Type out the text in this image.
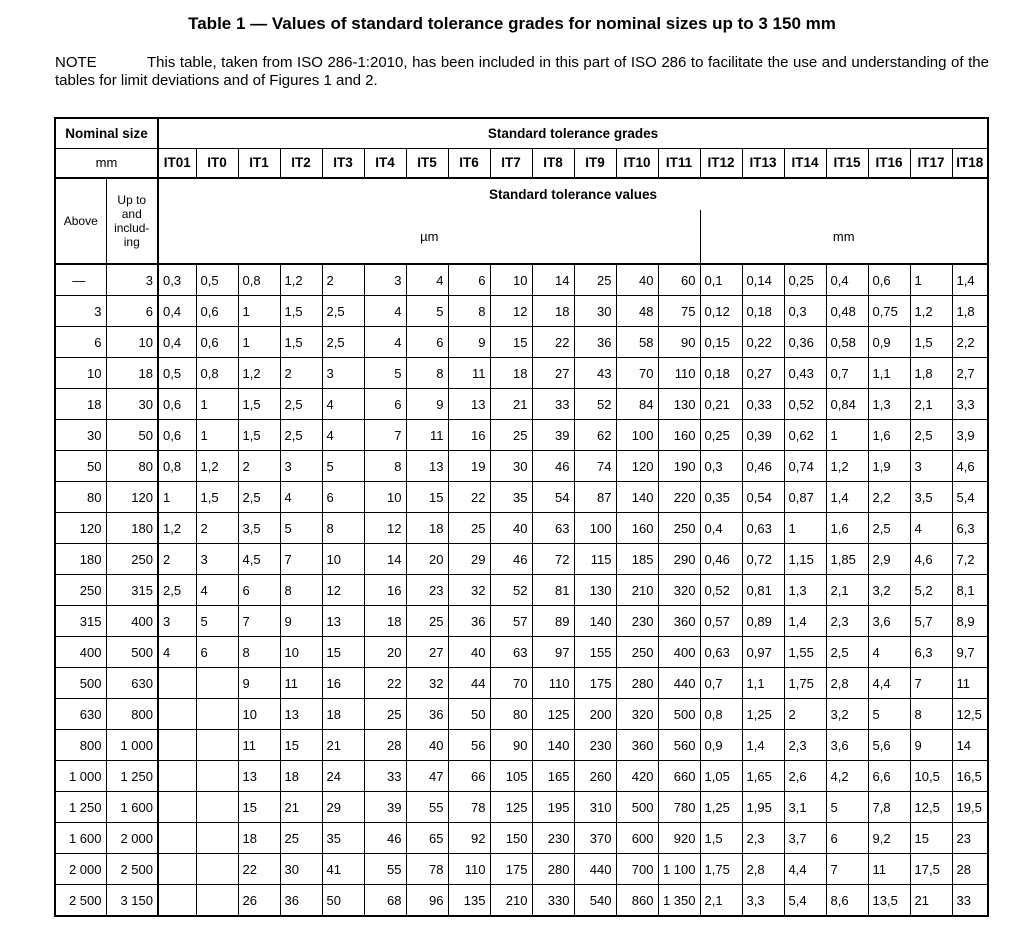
Table 1 — Values of standard tolerance grades for nominal sizes up to 3 150 mm
NOTE	This table, taken from ISO 286-1:2010, has been included in this part of ISO 286 to facilitate the use and understanding of the tables for limit deviations and of Figures 1 and 2.
Nominal size		Standard tolerance grades																			
mm		IT01	IT0	IT1	IT2	IT3	IT4	IT5	IT6	IT7	IT8	IT9	IT10	IT11	IT12	IT13	IT14	IT15	IT16	IT17	IT18
Above	Up to and includ- ing	Standard tolerance values																			
		µm													mm						
—	3	0,3	0,5	0,8	1,2	2	3	4	6	10	14	25	40	60	0,1	0,14	0,25	0,4	0,6	1	1,4
3	6	0,4	0,6	1	1,5	2,5	4	5	8	12	18	30	48	75	0,12	0,18	0,3	0,48	0,75	1,2	1,8
6	10	0,4	0,6	1	1,5	2,5	4	6	9	15	22	36	58	90	0,15	0,22	0,36	0,58	0,9	1,5	2,2
10	18	0,5	0,8	1,2	2	3	5	8	11	18	27	43	70	110	0,18	0,27	0,43	0,7	1,1	1,8	2,7
18	30	0,6	1	1,5	2,5	4	6	9	13	21	33	52	84	130	0,21	0,33	0,52	0,84	1,3	2,1	3,3
30	50	0,6	1	1,5	2,5	4	7	11	16	25	39	62	100	160	0,25	0,39	0,62	1	1,6	2,5	3,9
50	80	0,8	1,2	2	3	5	8	13	19	30	46	74	120	190	0,3	0,46	0,74	1,2	1,9	3	4,6
80	120	1	1,5	2,5	4	6	10	15	22	35	54	87	140	220	0,35	0,54	0,87	1,4	2,2	3,5	5,4
120	180	1,2	2	3,5	5	8	12	18	25	40	63	100	160	250	0,4	0,63	1	1,6	2,5	4	6,3
180	250	2	3	4,5	7	10	14	20	29	46	72	115	185	290	0,46	0,72	1,15	1,85	2,9	4,6	7,2
250	315	2,5	4	6	8	12	16	23	32	52	81	130	210	320	0,52	0,81	1,3	2,1	3,2	5,2	8,1
315	400	3	5	7	9	13	18	25	36	57	89	140	230	360	0,57	0,89	1,4	2,3	3,6	5,7	8,9
400	500	4	6	8	10	15	20	27	40	63	97	155	250	400	0,63	0,97	1,55	2,5	4	6,3	9,7
500	630			9	11	16	22	32	44	70	110	175	280	440	0,7	1,1	1,75	2,8	4,4	7	11
630	800			10	13	18	25	36	50	80	125	200	320	500	0,8	1,25	2	3,2	5	8	12,5
800	1 000			11	15	21	28	40	56	90	140	230	360	560	0,9	1,4	2,3	3,6	5,6	9	14
1 000	1 250			13	18	24	33	47	66	105	165	260	420	660	1,05	1,65	2,6	4,2	6,6	10,5	16,5
1 250	1 600			15	21	29	39	55	78	125	195	310	500	780	1,25	1,95	3,1	5	7,8	12,5	19,5
1 600	2 000			18	25	35	46	65	92	150	230	370	600	920	1,5	2,3	3,7	6	9,2	15	23
2 000	2 500			22	30	41	55	78	110	175	280	440	700	1 100	1,75	2,8	4,4	7	11	17,5	28
2 500	3 150			26	36	50	68	96	135	210	330	540	860	1 350	2,1	3,3	5,4	8,6	13,5	21	33
